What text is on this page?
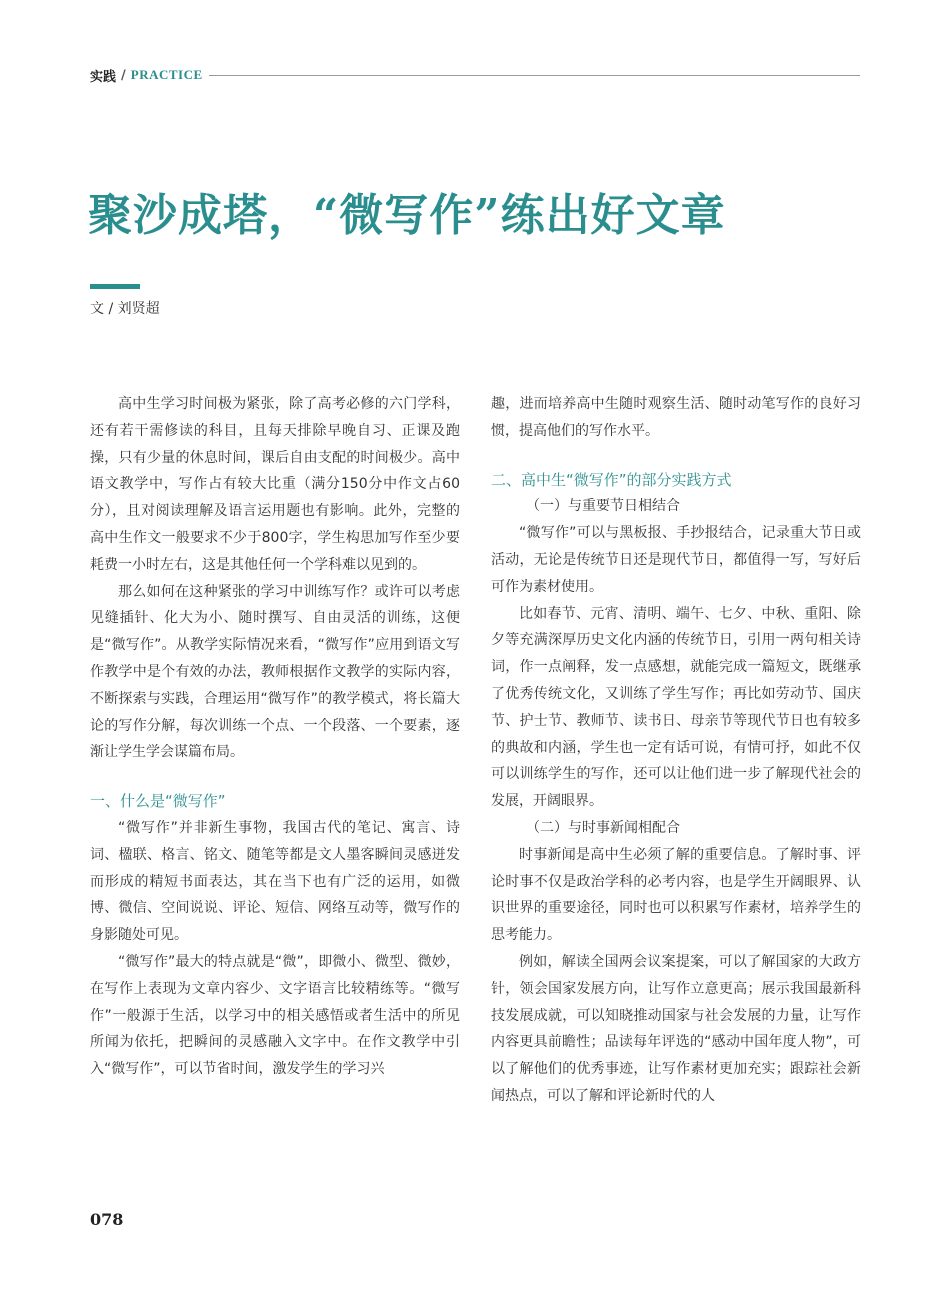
实践 / PRACTICE
聚沙成塔，“微写作”练出好文章
文 / 刘贤超

高中生学习时间极为紧张，除了高考必修的六门学科，还有若干需修读的科目，且每天排除早晚自习、正课及跑操，只有少量的休息时间，课后自由支配的时间极少。高中语文教学中，写作占有较大比重（满分150分中作文占60分），且对阅读理解及语言运用题也有影响。此外，完整的高中生作文一般要求不少于800字，学生构思加写作至少要耗费一小时左右，这是其他任何一个学科难以见到的。

那么如何在这种紧张的学习中训练写作？或许可以考虑见缝插针、化大为小、随时撰写、自由灵活的训练，这便是“微写作”。从教学实际情况来看，“微写作”应用到语文写作教学中是个有效的办法，教师根据作文教学的实际内容，不断探索与实践，合理运用“微写作”的教学模式，将长篇大论的写作分解，每次训练一个点、一个段落、一个要素，逐渐让学生学会谋篇布局。

一、什么是“微写作”

“微写作”并非新生事物，我国古代的笔记、寓言、诗词、楹联、格言、铭文、随笔等都是文人墨客瞬间灵感迸发而形成的精短书面表达，其在当下也有广泛的运用，如微博、微信、空间说说、评论、短信、网络互动等，微写作的身影随处可见。

“微写作”最大的特点就是“微”，即微小、微型、微妙，在写作上表现为文章内容少、文字语言比较精练等。“微写作”一般源于生活，以学习中的相关感悟或者生活中的所见所闻为依托，把瞬间的灵感融入文字中。在作文教学中引入“微写作”，可以节省时间，激发学生的学习兴

趣，进而培养高中生随时观察生活、随时动笔写作的良好习惯，提高他们的写作水平。

二、高中生“微写作”的部分实践方式
（一）与重要节日相结合

“微写作”可以与黑板报、手抄报结合，记录重大节日或活动，无论是传统节日还是现代节日，都值得一写，写好后可作为素材使用。

比如春节、元宵、清明、端午、七夕、中秋、重阳、除夕等充满深厚历史文化内涵的传统节日，引用一两句相关诗词，作一点阐释，发一点感想，就能完成一篇短文，既继承了优秀传统文化，又训练了学生写作；再比如劳动节、国庆节、护士节、教师节、读书日、母亲节等现代节日也有较多的典故和内涵，学生也一定有话可说，有情可抒，如此不仅可以训练学生的写作，还可以让他们进一步了解现代社会的发展，开阔眼界。

（二）与时事新闻相配合

时事新闻是高中生必须了解的重要信息。了解时事、评论时事不仅是政治学科的必考内容，也是学生开阔眼界、认识世界的重要途径，同时也可以积累写作素材，培养学生的思考能力。

例如，解读全国两会议案提案，可以了解国家的大政方针，领会国家发展方向，让写作立意更高；展示我国最新科技发展成就，可以知晓推动国家与社会发展的力量，让写作内容更具前瞻性；品读每年评选的“感动中国年度人物”，可以了解他们的优秀事迹，让写作素材更加充实；跟踪社会新闻热点，可以了解和评论新时代的人

078
